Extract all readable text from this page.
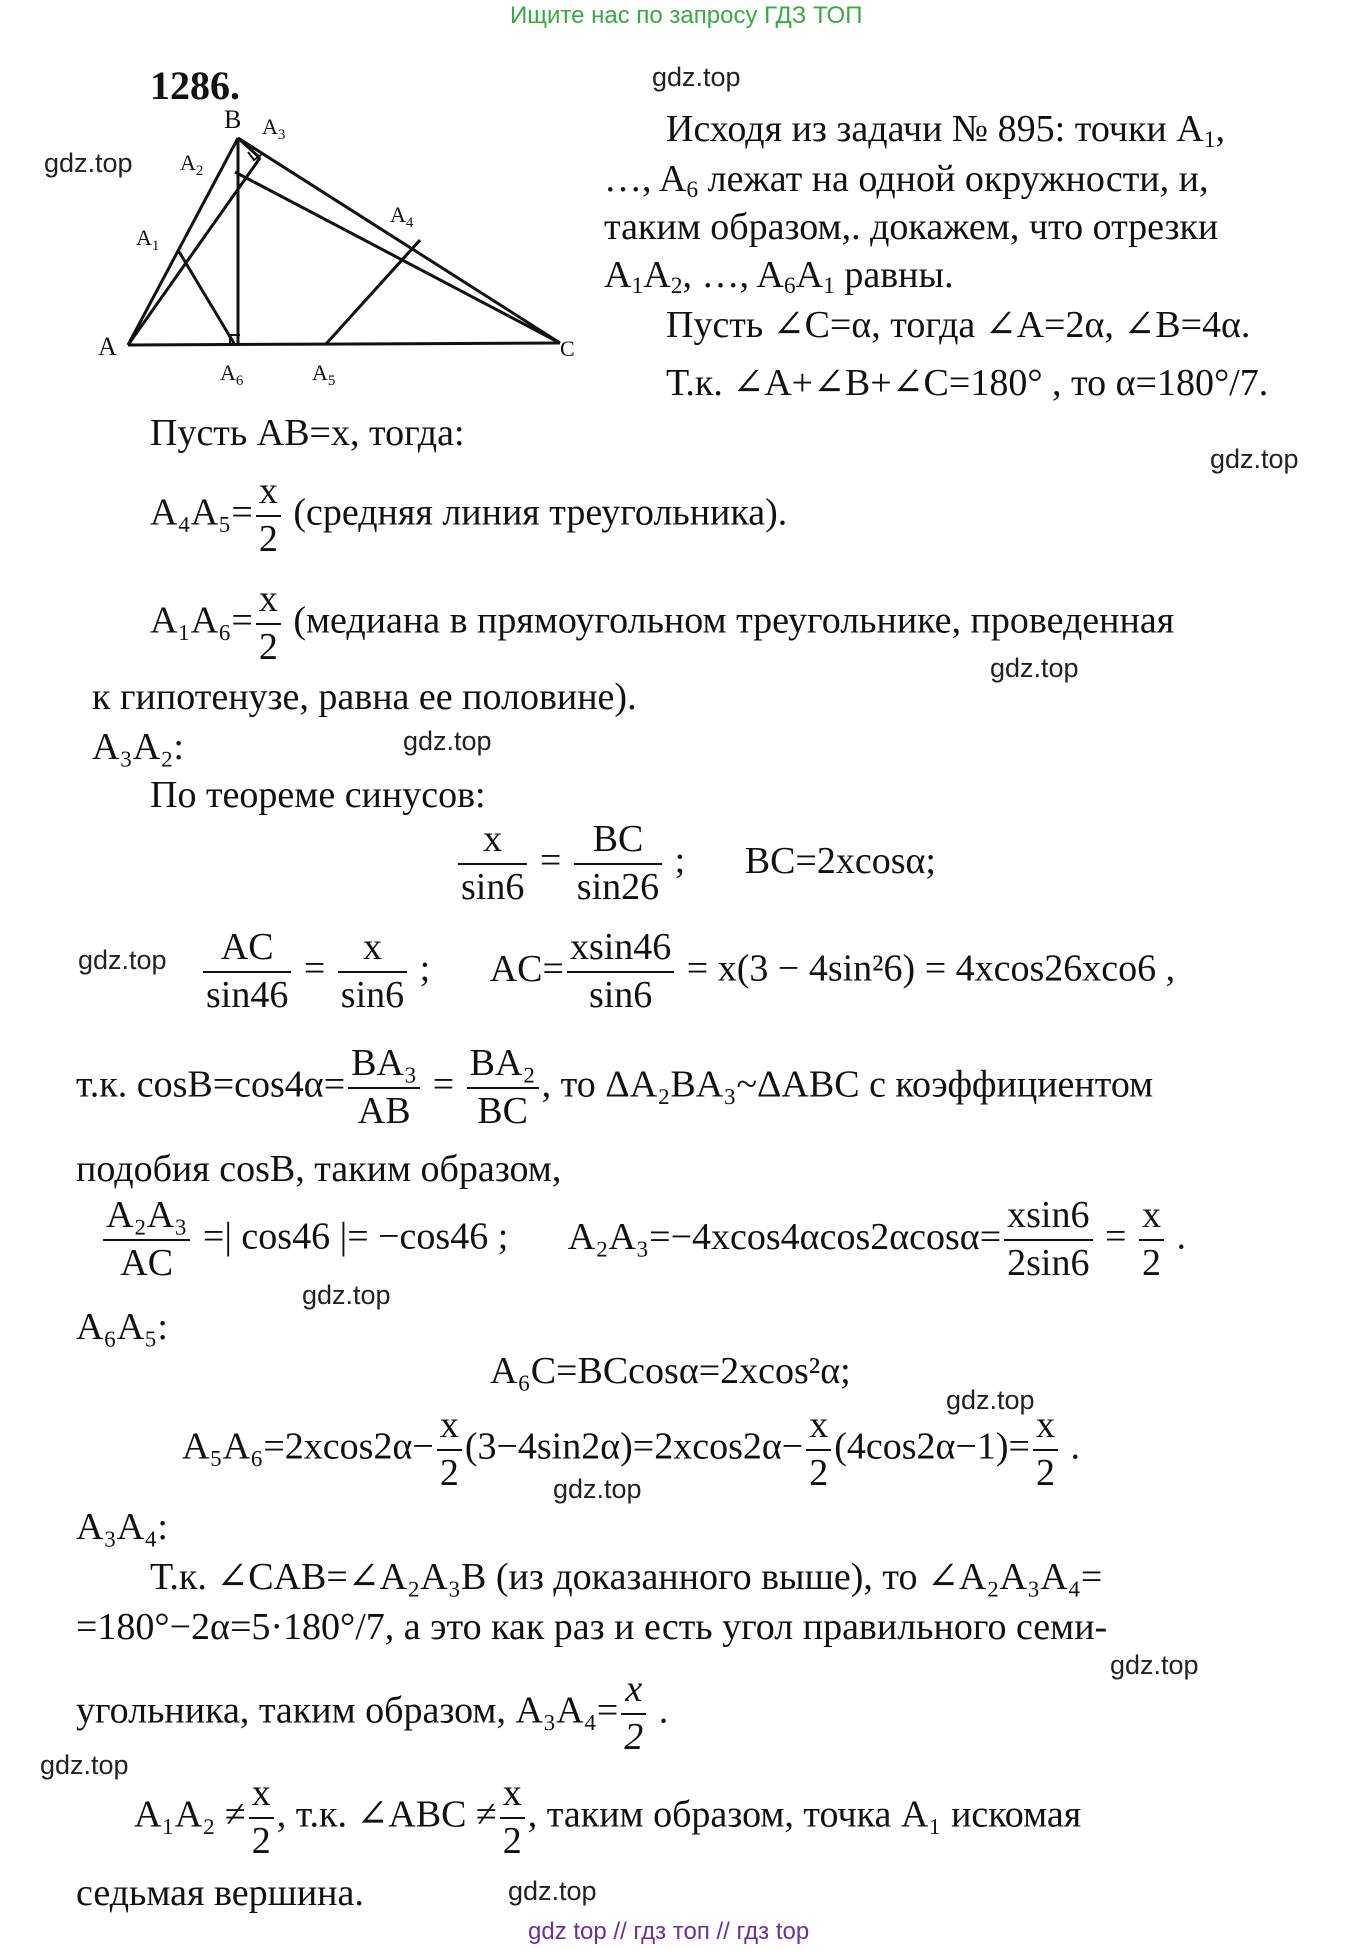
Ищите нас по запросу ГДЗ ТОП
1286.	gdz.top
gdz.top
gdz.top
gdz.top
gdz.top
gdz.top
gdz.top
gdz.top
gdz.top
gdz.top
gdz.top
gdz.top
B $A_3$
$A_2$
$A_1$
A
$A_6$	$A_5$
$A_4$
C
Исходя из задачи № 895: точки $A_1$,
…, $A_6$ лежат на одной окружности, и,
таким образом,. докажем, что отрезки
$A_1A_2$, …, $A_6A_1$ равны.
Пусть ∠C=α, тогда ∠A=2α, ∠B=4α.
Т.к. ∠A+∠B+∠C=180° , то α=180°/7.
Пусть AB=x, тогда:
$A_4A_5= \frac{x}{2}$ (средняя линия треугольника).
$A_1A_6= \frac{x}{2}$ (медиана в прямоугольном треугольнике, проведенная
к гипотенузе, равна ее половине).
A₃A₂:
По теореме синусов:
$\frac{x}{\sin 6} = \frac{BC}{\sin 26}$ ; BC=2xcosα;
$\frac{AC}{\sin 46} = \frac{x}{\sin 6}$ ; $AC= \frac{xsin46}{\sin 6} = x(3 - 4\sin^26) = 4xcos26xco6$ ,
т.к. $\cos B=\cos 4\alpha= \frac{\text{BA₃}}{AB} = \frac{\text{BA₂}}{BC}$ , то ΔA₂BA₃~ΔABC с коэффициентом
подобия cosB, таким образом,
$\frac{\text{A₂A₃}}{AC}$ =| cos46 |= −cos46 ; $A_2A_3=-4xcos4\alpha\cos 2\alpha\cos\alpha= \frac{xsin6}{2\sin 6} = \frac{x}{2}$ .
A₆A₅:
A₆C=BCcosα=2xcos²α;
$A_5A_6=2xcos2\alpha- \frac{x}{2} (3-4\sin 2\alpha)=2xcos2\alpha- \frac{x}{2} (4\cos 2\alpha-1)= \frac{x}{2}$ .
A₃A₄:
Т.к. ∠CAB=∠A₂A₃B (из доказанного выше), то ∠A₂A₃A₄=
=180°−2α=5·180°/7, а это как раз и есть угол правильного семи-
угольника, таким образом, $A_3A_4= \frac{x}{2}$ .
$A_1A_2 \ne \frac{x}{2}$ , т.к. ∠ABC ≠ $\frac{x}{2}$ , таким образом, точка A₁ искомая
седьмая вершина.
gdz top // гдз топ // гдз top
